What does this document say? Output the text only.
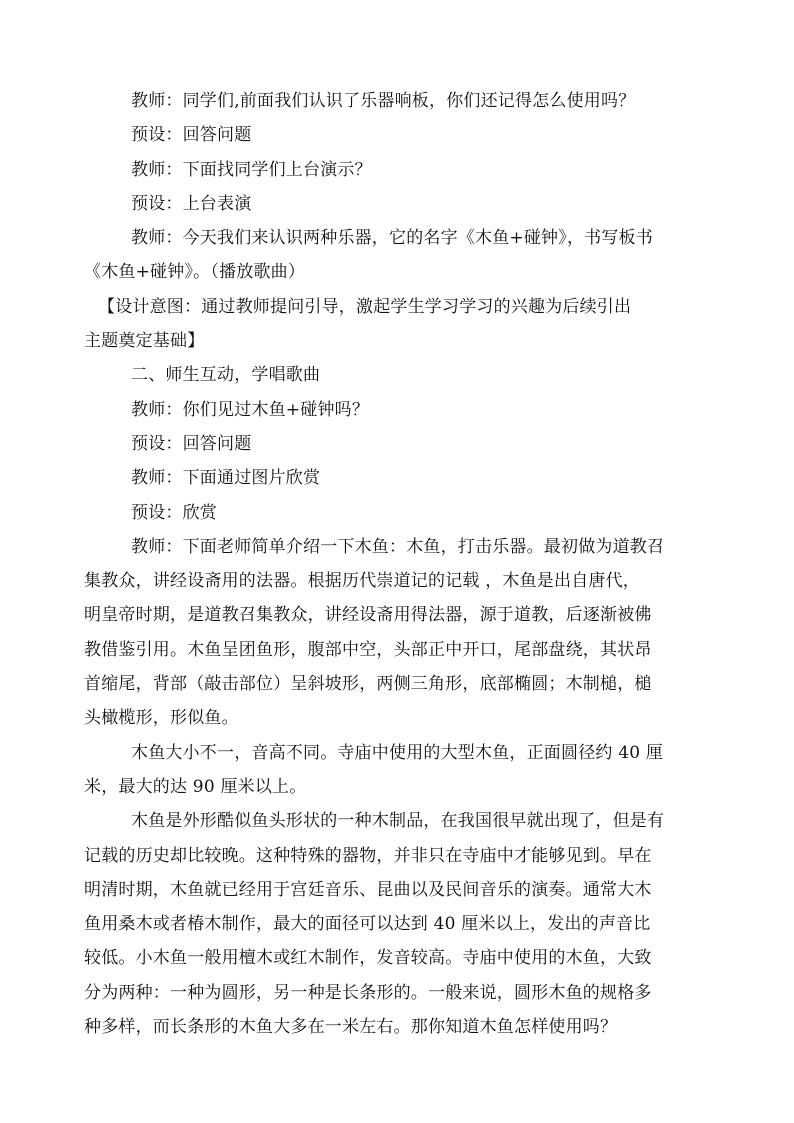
教师：同学们,前面我们认识了乐器响板，你们还记得怎么使用吗？
预设：回答问题
教师：下面找同学们上台演示？
预设：上台表演
教师：今天我们来认识两种乐器，它的名字《木鱼+碰钟》，书写板书
《木鱼+碰钟》。（播放歌曲）
【设计意图：通过教师提问引导，激起学生学习学习的兴趣为后续引出
主题奠定基础】
二、师生互动，学唱歌曲
教师：你们见过木鱼+碰钟吗？
预设：回答问题
教师：下面通过图片欣赏
预设：欣赏
教师：下面老师简单介绍一下木鱼：木鱼，打击乐器。最初做为道教召
集教众，讲经设斋用的法器。根据历代崇道记的记载 ，木鱼是出自唐代，
明皇帝时期，是道教召集教众，讲经设斋用得法器，源于道教，后逐渐被佛
教借鉴引用。木鱼呈团鱼形，腹部中空，头部正中开口，尾部盘绕，其状昂
首缩尾，背部（敲击部位）呈斜坡形，两侧三角形，底部椭圆；木制槌，槌
头橄榄形，形似鱼。
木鱼大小不一，音高不同。寺庙中使用的大型木鱼，正面圆径约 40 厘
米，最大的达 90 厘米以上。
木鱼是外形酷似鱼头形状的一种木制品，在我国很早就出现了，但是有
记载的历史却比较晚。这种特殊的器物，并非只在寺庙中才能够见到。早在
明清时期，木鱼就已经用于宫廷音乐、昆曲以及民间音乐的演奏。通常大木
鱼用桑木或者椿木制作，最大的面径可以达到 40 厘米以上，发出的声音比
较低。小木鱼一般用檀木或红木制作，发音较高。寺庙中使用的木鱼，大致
分为两种：一种为圆形，另一种是长条形的。一般来说，圆形木鱼的规格多
种多样，而长条形的木鱼大多在一米左右。那你知道木鱼怎样使用吗？
